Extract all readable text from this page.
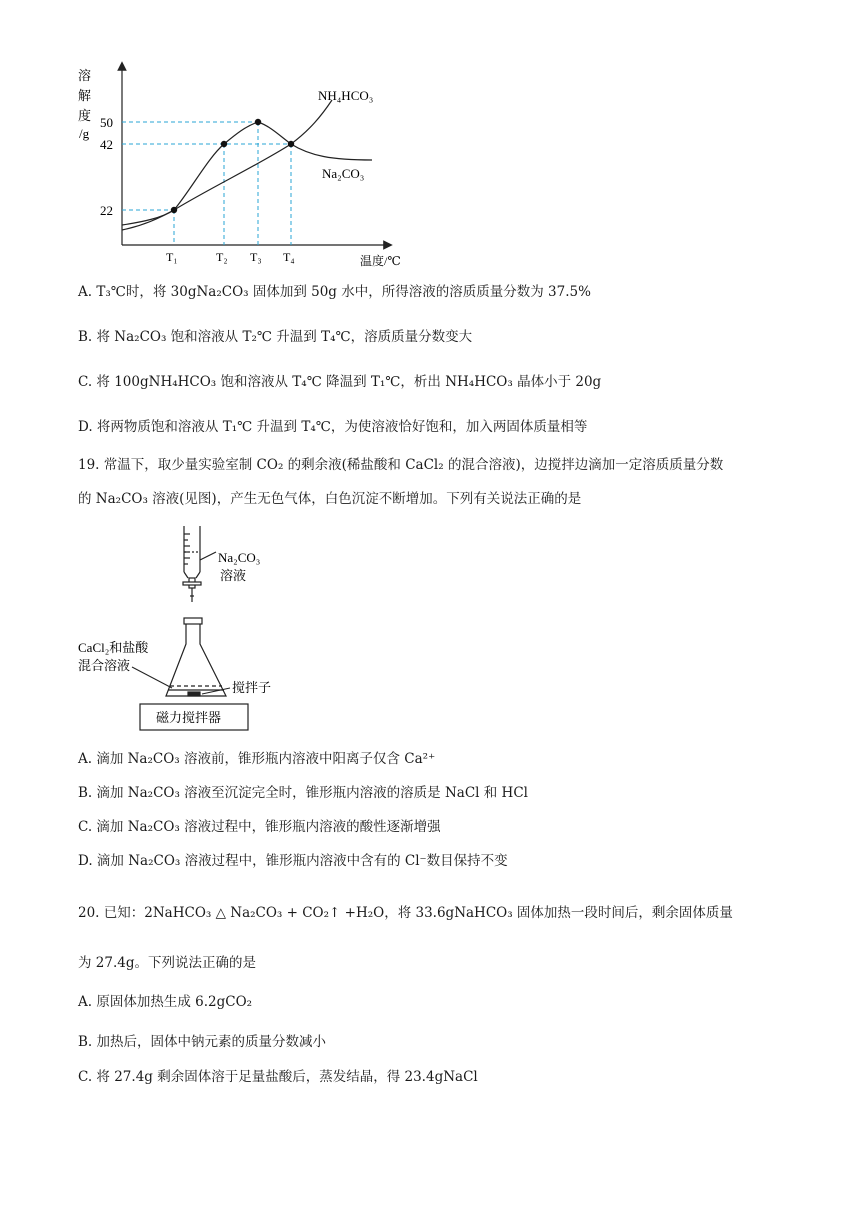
溶
解
度
/g
50
42
22
T₁	T₂ T₃ T₄	温度/℃
NH₄HCO₃
Na₂CO₃
A. T₃℃时，将 30gNa₂CO₃ 固体加到 50g 水中，所得溶液的溶质质量分数为 37.5%
B. 将 Na₂CO₃ 饱和溶液从 T₂℃ 升温到 T₄℃，溶质质量分数变大
C. 将 100gNH₄HCO₃ 饱和溶液从 T₄℃ 降温到 T₁℃，析出 NH₄HCO₃ 晶体小于 20g
D. 将两物质饱和溶液从 T₁℃ 升温到 T₄℃，为使溶液恰好饱和，加入两固体质量相等
19. 常温下，取少量实验室制 CO₂ 的剩余液(稀盐酸和 CaCl₂ 的混合溶液)，边搅拌边滴加一定溶质质量分数
的 Na₂CO₃ 溶液(见图)，产生无色气体，白色沉淀不断增加。下列有关说法正确的是
Na₂CO₃
溶液
CaCl₂和盐酸
混合溶液
搅拌子
磁力搅拌器
A. 滴加 Na₂CO₃ 溶液前，锥形瓶内溶液中阳离子仅含 Ca²⁺
B. 滴加 Na₂CO₃ 溶液至沉淀完全时，锥形瓶内溶液的溶质是 NaCl 和 HCl
C. 滴加 Na₂CO₃ 溶液过程中，锥形瓶内溶液的酸性逐渐增强
D. 滴加 Na₂CO₃ 溶液过程中，锥形瓶内溶液中含有的 Cl⁻数目保持不变
20. 已知：2NaHCO₃ △ Na₂CO₃ + CO₂↑ +H₂O，将 33.6gNaHCO₃ 固体加热一段时间后，剩余固体质量
为 27.4g。下列说法正确的是
A. 原固体加热生成 6.2gCO₂
B. 加热后，固体中钠元素的质量分数减小
C. 将 27.4g 剩余固体溶于足量盐酸后，蒸发结晶，得 23.4gNaCl
